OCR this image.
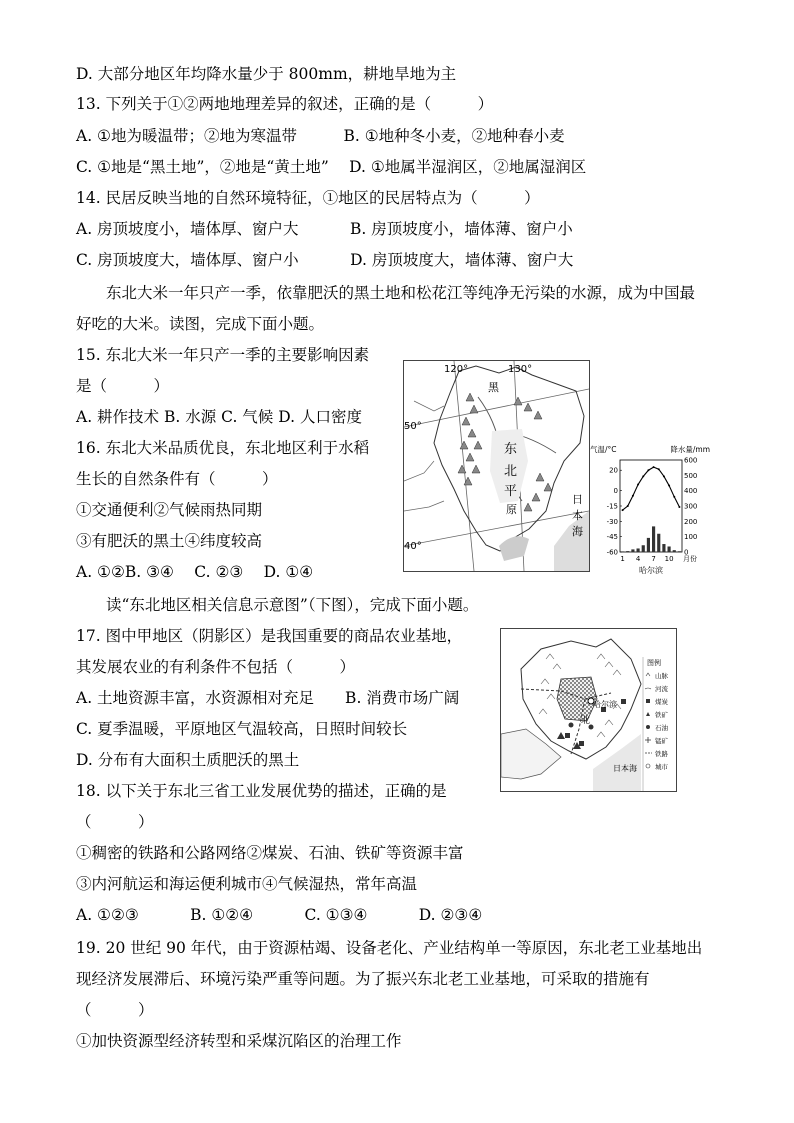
D. 大部分地区年均降水量少于 800mm，耕地旱地为主
13. 下列关于①②两地地理差异的叙述，正确的是（　　　）
A. ①地为暖温带；②地为寒温带　　　B. ①地种冬小麦，②地种春小麦
C. ①地是“黑土地”，②地是“黄土地”　 D. ①地属半湿润区，②地属湿润区
14. 民居反映当地的自然环境特征，①地区的民居特点为（　　　）
A. 房顶坡度小，墙体厚、窗户大　　　 B. 房顶坡度小，墙体薄、窗户小
C. 房顶坡度大，墙体厚、窗户小　　　 D. 房顶坡度大，墙体薄、窗户大
东北大米一年只产一季，依靠肥沃的黑土地和松花江等纯净无污染的水源，成为中国最
好吃的大米。读图，完成下面小题。
15. 东北大米一年只产一季的主要影响因素
是（　　　）
A. 耕作技术 B. 水源 C. 气候 D. 人口密度
16. 东北大米品质优良，东北地区利于水稻
生长的自然条件有（　　　）
①交通便利②气候雨热同期
③有肥沃的黑土④纬度较高
A. ①②B. ③④　 C. ②③　 D. ①④
读“东北地区相关信息示意图”（下图），完成下面小题。
17. 图中甲地区（阴影区）是我国重要的商品农业基地，
其发展农业的有利条件不包括（　　　）
A. 土地资源丰富，水资源相对充足　　B. 消费市场广阔
C. 夏季温暖，平原地区气温较高，日照时间较长
D. 分布有大面积土质肥沃的黑土
18. 以下关于东北三省工业发展优势的描述，正确的是
（　　　）
①稠密的铁路和公路网络②煤炭、石油、铁矿等资源丰富
③内河航运和海运便利城市④气候湿热，常年高温
A. ①②③　　　 B. ①②④　　　 C. ①③④　　　 D. ②③④
19. 20 世纪 90 年代，由于资源枯竭、设备老化、产业结构单一等原因，东北老工业基地出
现经济发展滞后、环境污染严重等问题。为了振兴东北老工业基地，可采取的措施有
（　　　）
①加快资源型经济转型和采煤沉陷区的治理工作
120°	130°
50°
40°
黑
东
北
平
原
日
本
海
气温/°C	降水量/mm
20
0
-15
-30
-45
-60
600
500
400
300
200
100
0
1 4 7 10 月份
哈尔滨
哈尔滨
北
日本海
图例
山脉
河流
煤炭
铁矿
石油
锰矿
铁路
城市
